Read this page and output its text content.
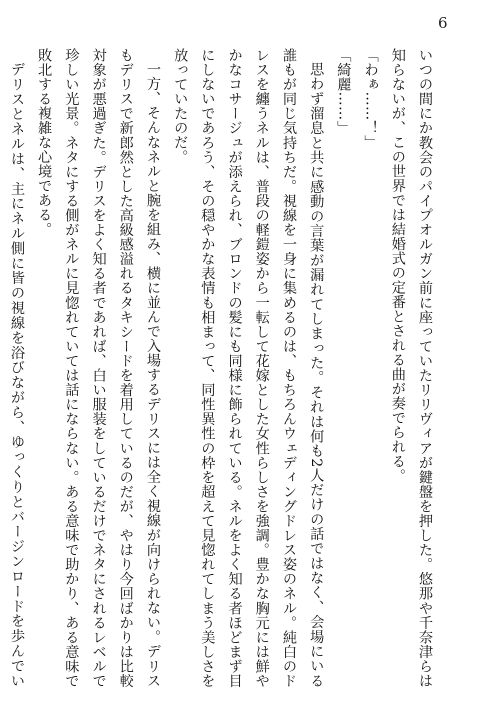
6

いつの間にか教会のパイプオルガン前に座っていたリリヴィアが鍵盤を押した。悠那や千奈津らは知らないが、この世界では結婚式の定番とされる曲が奏でられる。

「わぁ……！」

「綺麗……」

思わず溜息と共に感動の言葉が漏れてしまった。それは何も2人だけの話ではなく、会場にいる誰もが同じ気持ちだ。視線を一身に集めるのは、もちろんウェディングドレス姿のネル。純白のドレスを纏うネルは、普段の軽鎧姿から一転して花嫁とした女性らしさを強調。豊かな胸元には鮮やかなコサージュが添えられ、ブロンドの髪にも同様に飾られている。ネルをよく知る者ほどまず目にしないであろう、その穏やかな表情も相まって、同性異性の枠を超えて見惚れてしまう美しさを放っていたのだ。

一方、そんなネルと腕を組み、横に並んで入場するデリスには全く視線が向けられない。デリスもデリスで新郎然とした高級感溢れるタキシードを着用しているのだが、やはり今回ばかりは比較対象が悪過ぎた。デリスをよく知る者であれば、白い服装をしているだけでネタにされるレベルで珍しい光景。ネタにする側がネルに見惚れていては話にならない。ある意味で助かり、ある意味で敗北する複雑な心境である。

デリスとネルは、主にネル側に皆の視線を浴びながら、ゆっくりとバージンロードを歩んでい
